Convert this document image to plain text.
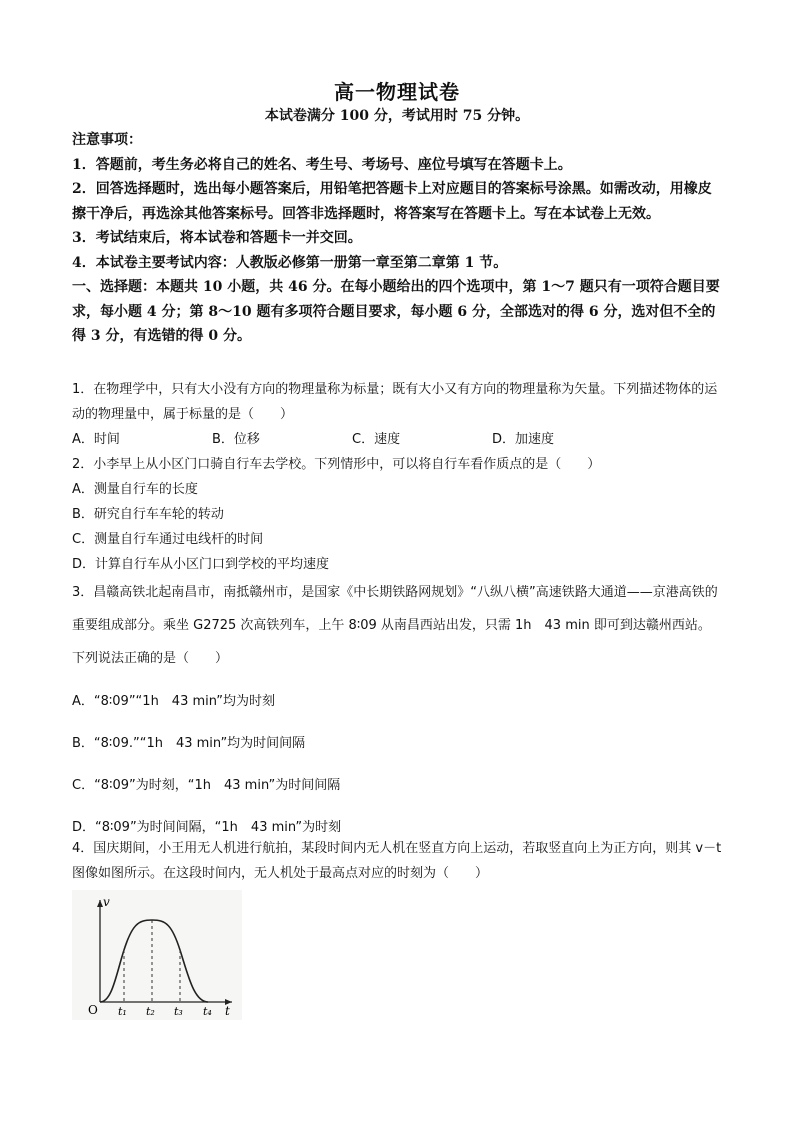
高一物理试卷
本试卷满分 100 分，考试用时 75 分钟。

注意事项：

1．答题前，考生务必将自己的姓名、考生号、考场号、座位号填写在答题卡上。

2．回答选择题时，选出每小题答案后，用铅笔把答题卡上对应题目的答案标号涂黑。如需改动，用橡皮擦干净后，再选涂其他答案标号。回答非选择题时，将答案写在答题卡上。写在本试卷上无效。

3．考试结束后，将本试卷和答题卡一并交回。

4．本试卷主要考试内容：人教版必修第一册第一章至第二章第 1 节。

一、选择题：本题共 10 小题，共 46 分。在每小题给出的四个选项中，第 1～7 题只有一项符合题目要求，每小题 4 分；第 8～10 题有多项符合题目要求，每小题 6 分，全部选对的得 6 分，选对但不全的得 3 分，有选错的得 0 分。

1．在物理学中，只有大小没有方向的物理量称为标量；既有大小又有方向的物理量称为矢量。下列描述物体的运动的物理量中，属于标量的是（　　）

A．时间	B．位移	C．速度	D．加速度

2．小李早上从小区门口骑自行车去学校。下列情形中，可以将自行车看作质点的是（　　）

A．测量自行车的长度

B．研究自行车车轮的转动

C．测量自行车通过电线杆的时间

D．计算自行车从小区门口到学校的平均速度

3．昌赣高铁北起南昌市，南抵赣州市，是国家《中长期铁路网规划》“八纵八横”高速铁路大通道——京港高铁的重要组成部分。乘坐 G2725 次高铁列车，上午 8∶09 从南昌西站出发，只需 1h　43 min 即可到达赣州西站。下列说法正确的是（　　）

A．“8∶09”“1h　43 min”均为时刻

B．“8∶09.”“1h　43 min”均为时间间隔

C．“8∶09”为时刻，“1h　43 min”为时间间隔

D．“8∶09”为时间间隔，“1h　43 min”为时刻

4．国庆期间，小王用无人机进行航拍，某段时间内无人机在竖直方向上运动，若取竖直向上为正方向，则其 v－t 图像如图所示。在这段时间内，无人机处于最高点对应的时刻为（　　）

v
t
O t₁ t₂ t₃ t₄
